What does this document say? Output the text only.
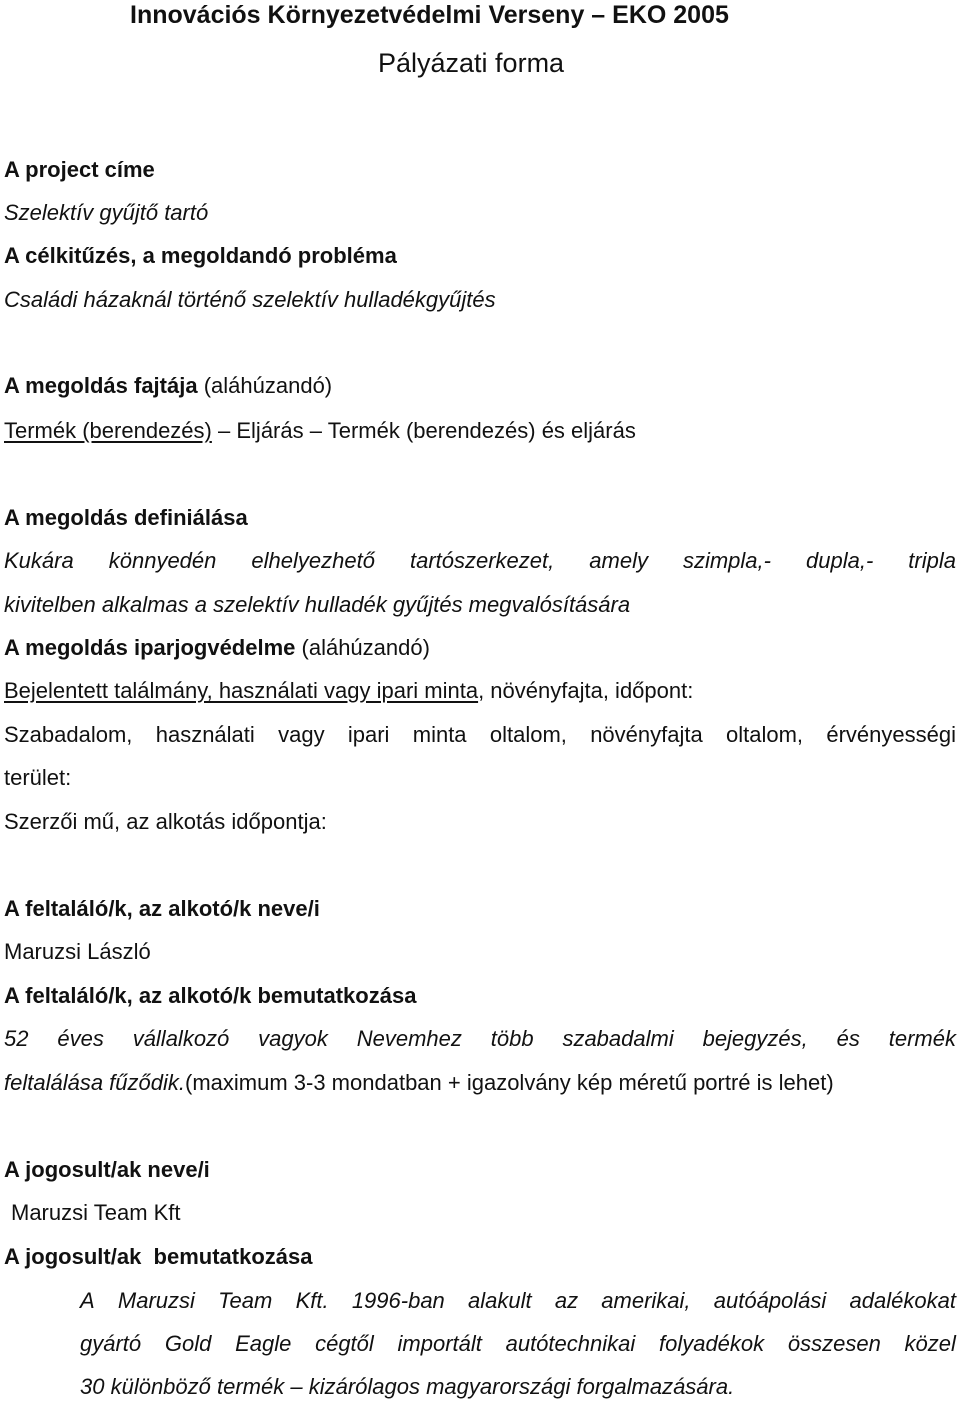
Innovációs Környezetvédelmi Verseny – EKO 2005
Pályázati forma
A project címe
Szelektív gyűjtő tartó
A célkitűzés, a megoldandó probléma
Családi házaknál történő szelektív hulladékgyűjtés
A megoldás fajtája (aláhúzandó)
Termék (berendezés) – Eljárás – Termék (berendezés) és eljárás
A megoldás definiálása
Kukára könnyedén elhelyezhető tartószerkezet, amely szimpla,- dupla,- tripla
kivitelben alkalmas a szelektív hulladék gyűjtés megvalósítására
A megoldás iparjogvédelme (aláhúzandó)
Bejelentett találmány, használati vagy ipari minta, növényfajta, időpont:
Szabadalom, használati vagy ipari minta oltalom, növényfajta oltalom, érvényességi
terület:
Szerzői mű, az alkotás időpontja:
A feltaláló/k, az alkotó/k neve/i
Maruzsi László
A feltaláló/k, az alkotó/k bemutatkozása
52 éves vállalkozó vagyok Nevemhez több szabadalmi bejegyzés, és termék
feltalálása fűződik.(maximum 3-3 mondatban + igazolvány kép méretű portré is lehet)
A jogosult/ak neve/i
Maruzsi Team Kft
A jogosult/ak  bemutatkozása
A Maruzsi Team Kft. 1996-ban alakult az amerikai, autóápolási adalékokat
gyártó Gold Eagle cégtől importált autótechnikai folyadékok összesen közel
30 különböző termék – kizárólagos magyarországi forgalmazására.
